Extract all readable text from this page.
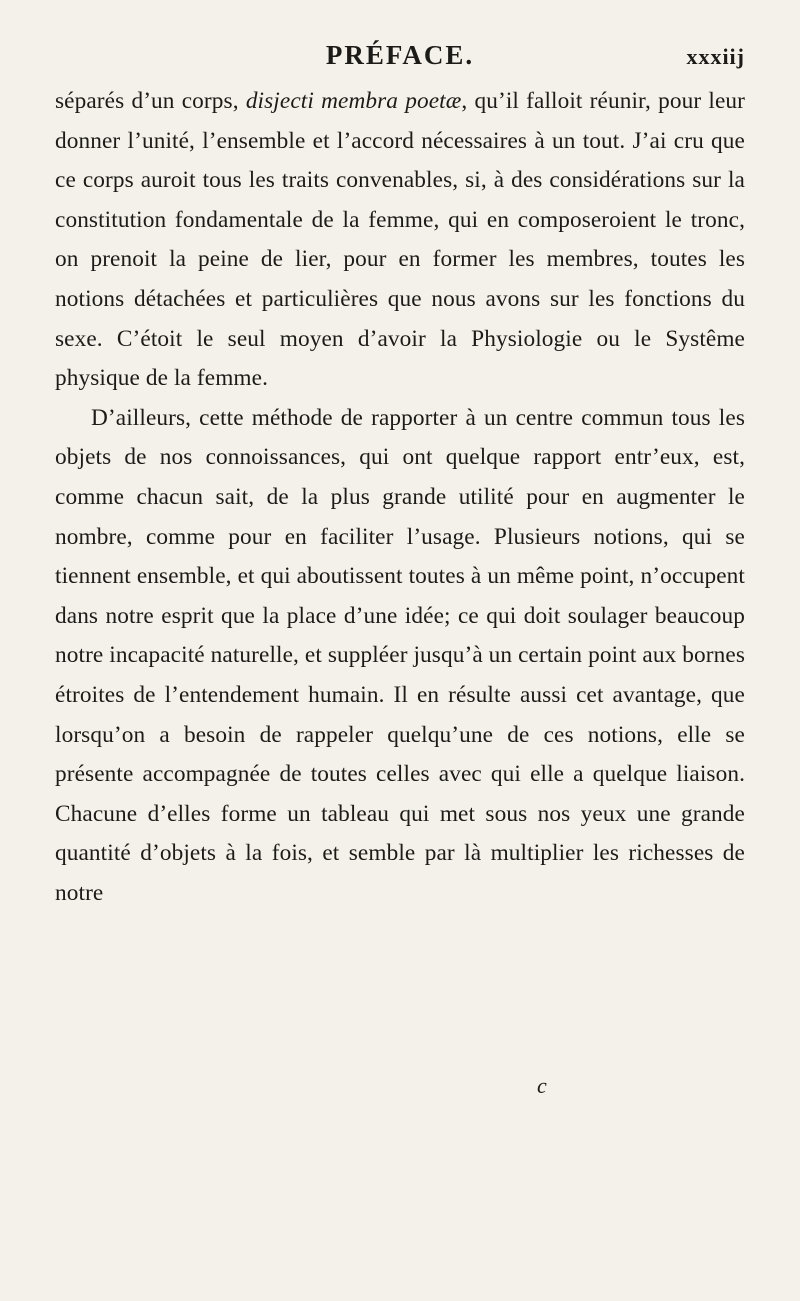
PRÉFACE.	xxxiij

séparés d’un corps, disjecti membra poetæ, qu’il falloit réunir, pour leur donner l’unité, l’ensemble et l’accord nécessaires à un tout. J’ai cru que ce corps auroit tous les traits convenables, si, à des considérations sur la constitution fondamentale de la femme, qui en composeroient le tronc, on prenoit la peine de lier, pour en former les membres, toutes les notions détachées et particulières que nous avons sur les fonctions du sexe. C’étoit le seul moyen d’avoir la Physiologie ou le Systême physique de la femme.

D’ailleurs, cette méthode de rapporter à un centre commun tous les objets de nos connoissances, qui ont quelque rapport entr’eux, est, comme chacun sait, de la plus grande utilité pour en augmenter le nombre, comme pour en faciliter l’usage. Plusieurs notions, qui se tiennent ensemble, et qui aboutissent toutes à un même point, n’occupent dans notre esprit que la place d’une idée; ce qui doit soulager beaucoup notre incapacité naturelle, et suppléer jusqu’à un certain point aux bornes étroites de l’entendement humain. Il en résulte aussi cet avantage, que lorsqu’on a besoin de rappeler quelqu’une de ces notions, elle se présente accompagnée de toutes celles avec qui elle a quelque liaison. Chacune d’elles forme un tableau qui met sous nos yeux une grande quantité d’objets à la fois, et semble par là multiplier les richesses de notre

c
